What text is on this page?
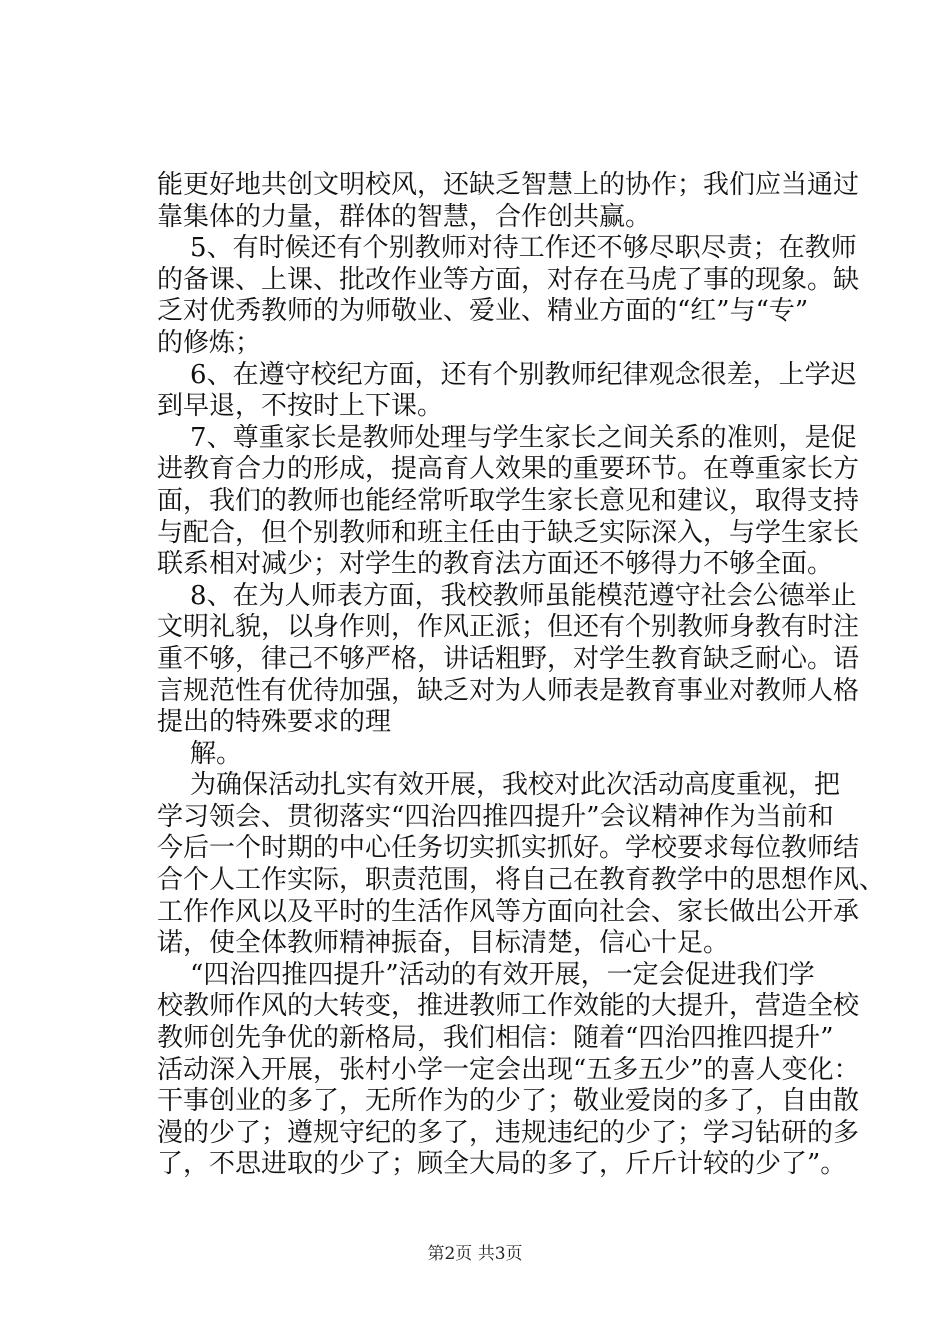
能更好地共创文明校风，还缺乏智慧上的协作；我们应当通过
靠集体的力量，群体的智慧，合作创共赢。
5、有时候还有个别教师对待工作还不够尽职尽责；在教师
的备课、上课、批改作业等方面，对存在马虎了事的现象。缺
乏对优秀教师的为师敬业、爱业、精业方面的“红”与“专”
的修炼；
6、在遵守校纪方面，还有个别教师纪律观念很差，上学迟
到早退，不按时上下课。
7、尊重家长是教师处理与学生家长之间关系的准则，是促
进教育合力的形成，提高育人效果的重要环节。在尊重家长方
面，我们的教师也能经常听取学生家长意见和建议，取得支持
与配合，但个别教师和班主任由于缺乏实际深入，与学生家长
联系相对减少；对学生的教育法方面还不够得力不够全面。
8、在为人师表方面，我校教师虽能模范遵守社会公德举止
文明礼貌，以身作则，作风正派；但还有个别教师身教有时注
重不够，律己不够严格，讲话粗野，对学生教育缺乏耐心。语
言规范性有优待加强，缺乏对为人师表是教育事业对教师人格
提出的特殊要求的理
解。
为确保活动扎实有效开展，我校对此次活动高度重视，把
学习领会、贯彻落实“四治四推四提升”会议精神作为当前和
今后一个时期的中心任务切实抓实抓好。学校要求每位教师结
合个人工作实际，职责范围，将自己在教育教学中的思想作风、
工作作风以及平时的生活作风等方面向社会、家长做出公开承
诺，使全体教师精神振奋，目标清楚，信心十足。
“四治四推四提升”活动的有效开展，一定会促进我们学
校教师作风的大转变，推进教师工作效能的大提升，营造全校
教师创先争优的新格局，我们相信：随着“四治四推四提升”
活动深入开展，张村小学一定会出现“五多五少”的喜人变化：
干事创业的多了，无所作为的少了；敬业爱岗的多了，自由散
漫的少了；遵规守纪的多了，违规违纪的少了；学习钻研的多
了，不思进取的少了；顾全大局的多了，斤斤计较的少了”。
第2页 共3页
